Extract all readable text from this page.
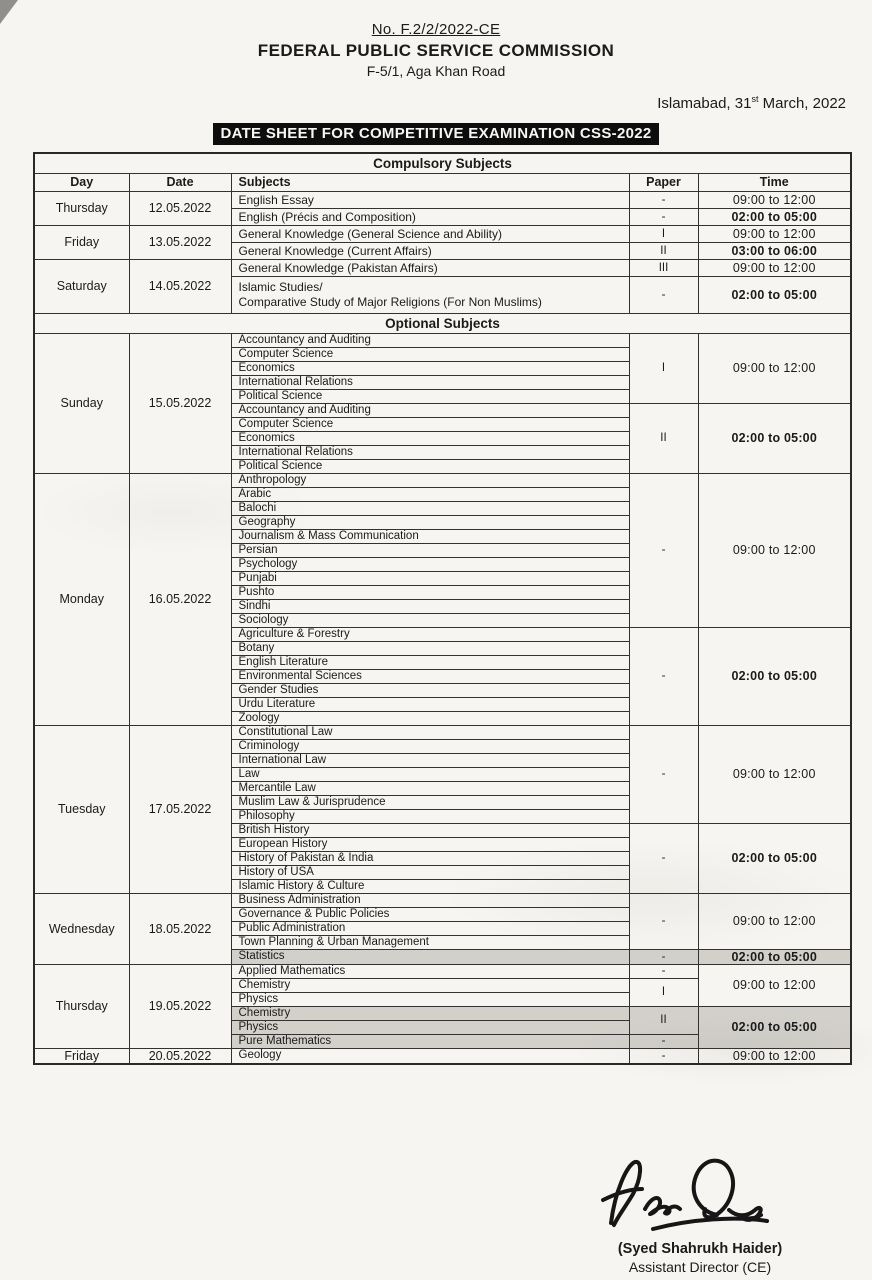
No. F.2/2/2022-CE
FEDERAL PUBLIC SERVICE COMMISSION
F-5/1, Aga Khan Road
Islamabad, 31st March, 2022
DATE SHEET FOR COMPETITIVE EXAMINATION CSS-2022
Compulsory Subjects				
Day	Date	Subjects	Paper	Time
Thursday	12.05.2022	English Essay	-	09:00 to 12:00
		English (Précis and Composition)	-	02:00 to 05:00
Friday	13.05.2022	General Knowledge (General Science and Ability)	I	09:00 to 12:00
		General Knowledge (Current Affairs)	II	03:00 to 06:00
Saturday	14.05.2022	General Knowledge (Pakistan Affairs)	III	09:00 to 12:00

		Islamic Studies/
Comparative Study of Major Religions (For Non Muslims)	-	02:00 to 05:00
Optional Subjects				
Sunday	15.05.2022	Accountancy and Auditing	I	09:00 to 12:00
		Computer Science		
		Economics		
		International Relations		
		Political Science		
		Accountancy and Auditing	II	02:00 to 05:00
		Computer Science		
		Economics		
		International Relations		
		Political Science		
Monday	16.05.2022	Anthropology	-	09:00 to 12:00
		Arabic		
		Balochi		
		Geography		
		Journalism & Mass Communication		
		Persian		
		Psychology		
		Punjabi		
		Pushto		
		Sindhi		
		Sociology		
		Agriculture & Forestry	-	02:00 to 05:00
		Botany		
		English Literature		
		Environmental Sciences		
		Gender Studies		
		Urdu Literature		
		Zoology		
Tuesday	17.05.2022	Constitutional Law	-	09:00 to 12:00
		Criminology		
		International Law		
		Law		
		Mercantile Law		
		Muslim Law & Jurisprudence		
		Philosophy		
		British History	-	02:00 to 05:00
		European History		
		History of Pakistan & India		
		History of USA		
		Islamic History & Culture		
Wednesday	18.05.2022	Business Administration	-	09:00 to 12:00
		Governance & Public Policies		
		Public Administration		
		Town Planning & Urban Management		
		Statistics	-	02:00 to 05:00
Thursday	19.05.2022	Applied Mathematics	-	09:00 to 12:00
		Chemistry	I	
		Physics		
		Chemistry	II	02:00 to 05:00
		Physics		
		Pure Mathematics	-	
Friday	20.05.2022	Geology	-	09:00 to 12:00
(Syed Shahrukh Haider)
Assistant Director (CE)
